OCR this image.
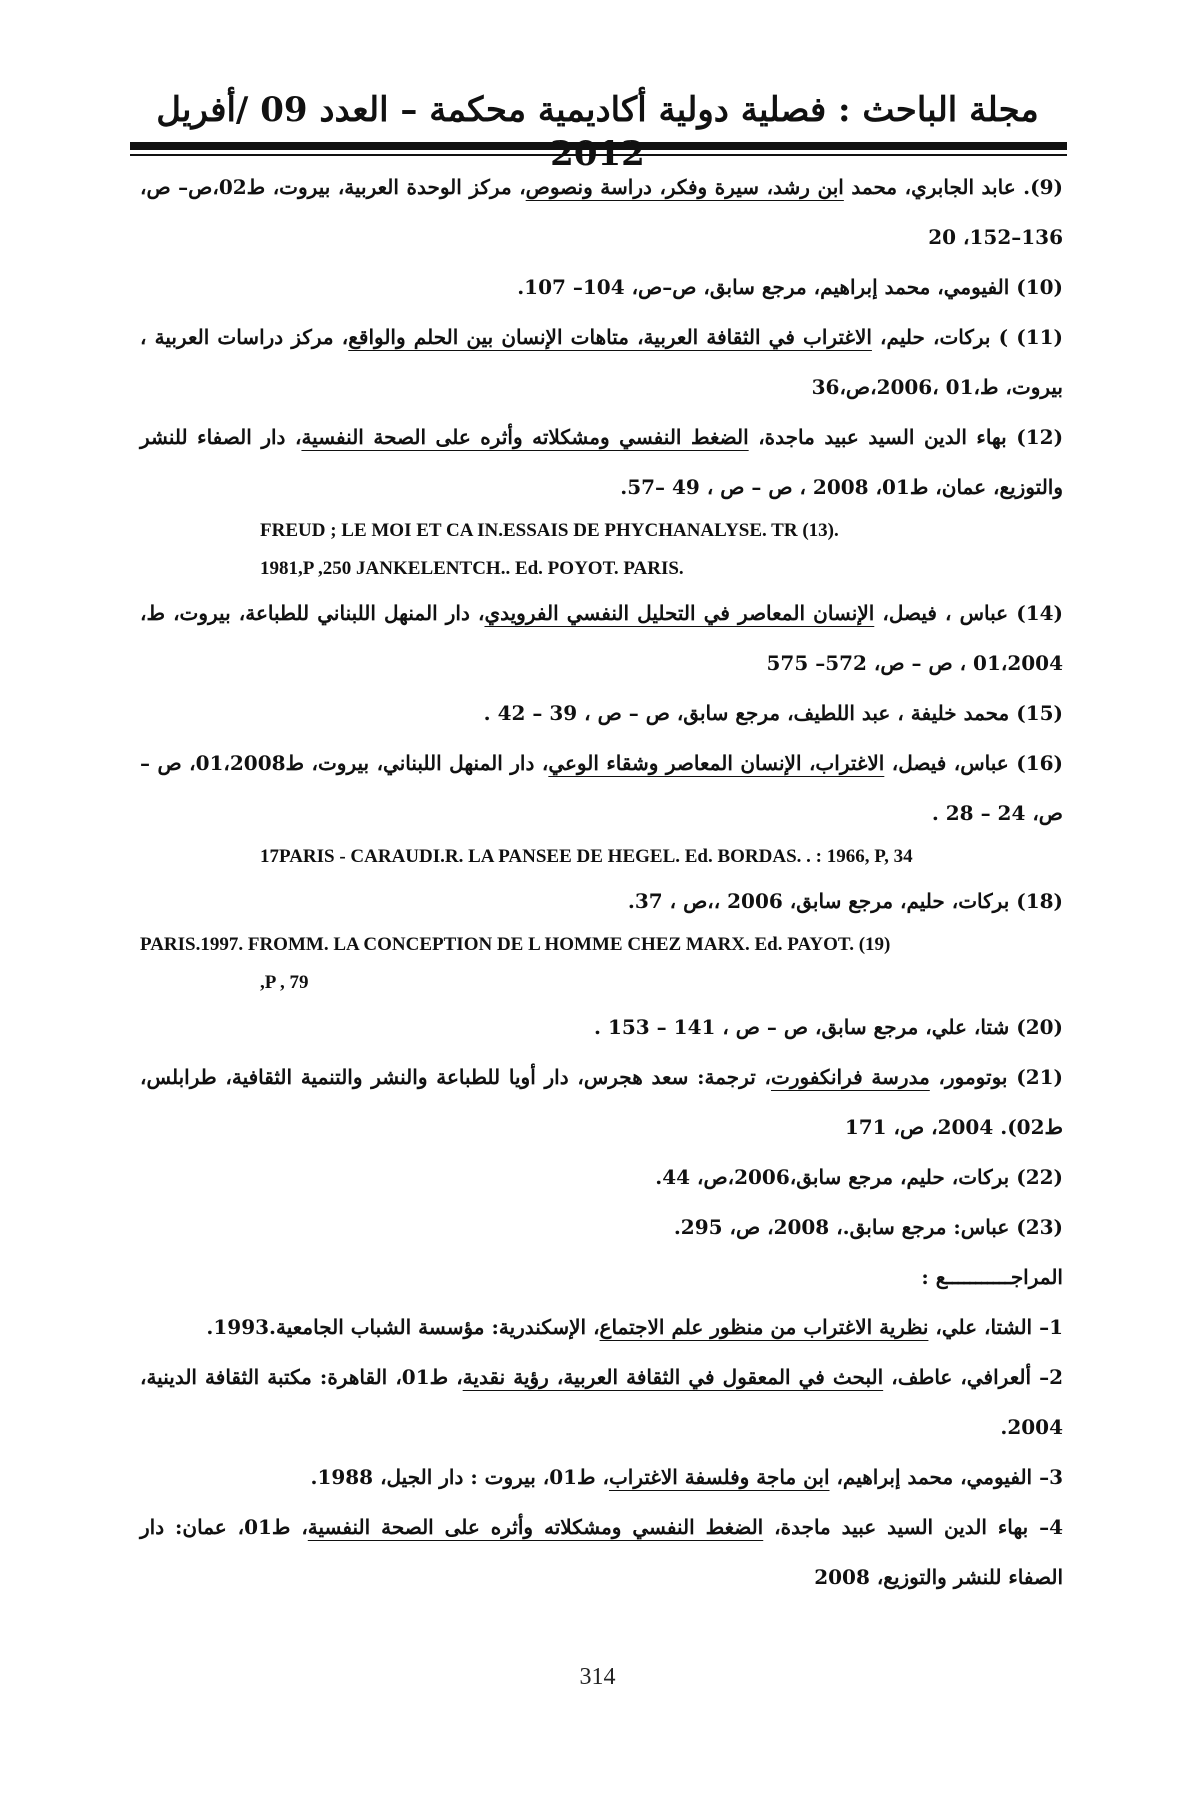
مجلة الباحث : فصلية دولية أكاديمية محكمة – العدد 09 /أفريل

(9). عابد الجابري، محمد ابن رشد، سيرة وفكر، دراسة ونصوص، مركز الوحدة العربية، بيروت، ط02،ص– ص، 136–152، 20

(10) الفيومي، محمد إبراهيم، مرجع سابق، ص–ص، 104– 107.

(11) ) بركات، حليم، الاغتراب في الثقافة العربية، متاهات الإنسان بين الحلم والواقع، مركز دراسات العربية ، بيروت، ط،01 ،2006،ص،36

(12) بهاء الدين السيد عبيد ماجدة، الضغط النفسي ومشكلاته وأثره على الصحة النفسية، دار الصفاء للنشر والتوزيع، عمان، ط01، 2008 ، ص – ص ، 49 –57.

FREUD ; LE MOI ET CA IN.ESSAIS DE PHYCHANALYSE. TR (13).

1981,P ,250 JANKELENTCH.. Ed. POYOT. PARIS.

(14) عباس ، فيصل، الإنسان المعاصر في التحليل النفسي الفرويدي، دار المنهل اللبناني للطباعة، بيروت، ط، 01،2004 ، ص – ص، 572– 575

(15) محمد خليفة ، عبد اللطيف، مرجع سابق، ص – ص ، 39 – 42 .

(16) عباس، فيصل، الاغتراب، الإنسان المعاصر وشقاء الوعي، دار المنهل اللبناني، بيروت، ط01،2008، ص – ص، 24 – 28 .

17PARIS - CARAUDI.R. LA PANSEE DE HEGEL. Ed. BORDAS. . : 1966, P, 34

(18) بركات، حليم، مرجع سابق، 2006 ،،ص ، 37.

PARIS.1997. FROMM. LA CONCEPTION DE L HOMME CHEZ MARX. Ed. PAYOT. (19)

,P , 79

(20) شتا، علي، مرجع سابق، ص – ص ، 141 – 153 .

(21) بوتومور، مدرسة فرانكفورت، ترجمة: سعد هجرس، دار أويا للطباعة والنشر والتنمية الثقافية، طرابلس، ط02). 2004، ص، 171

(22) بركات، حليم، مرجع سابق،2006،ص، 44.

(23) عباس: مرجع سابق.، 2008، ص، 295.

المراجـــــــــــع :

1– الشتا، علي، نظرية الاغتراب من منظور علم الاجتماع، الإسكندرية: مؤسسة الشباب الجامعية.1993.

2– ألعرافي، عاطف، البحث في المعقول في الثقافة العربية، رؤية نقدية، ط01، القاهرة: مكتبة الثقافة الدينية، 2004.

3– الفيومي، محمد إبراهيم، ابن ماجة وفلسفة الاغتراب، ط01، بيروت : دار الجيل، 1988.

4– بهاء الدين السيد عبيد ماجدة، الضغط النفسي ومشكلاته وأثره على الصحة النفسية، ط01، عمان: دار الصفاء للنشر والتوزيع، 2008

314
